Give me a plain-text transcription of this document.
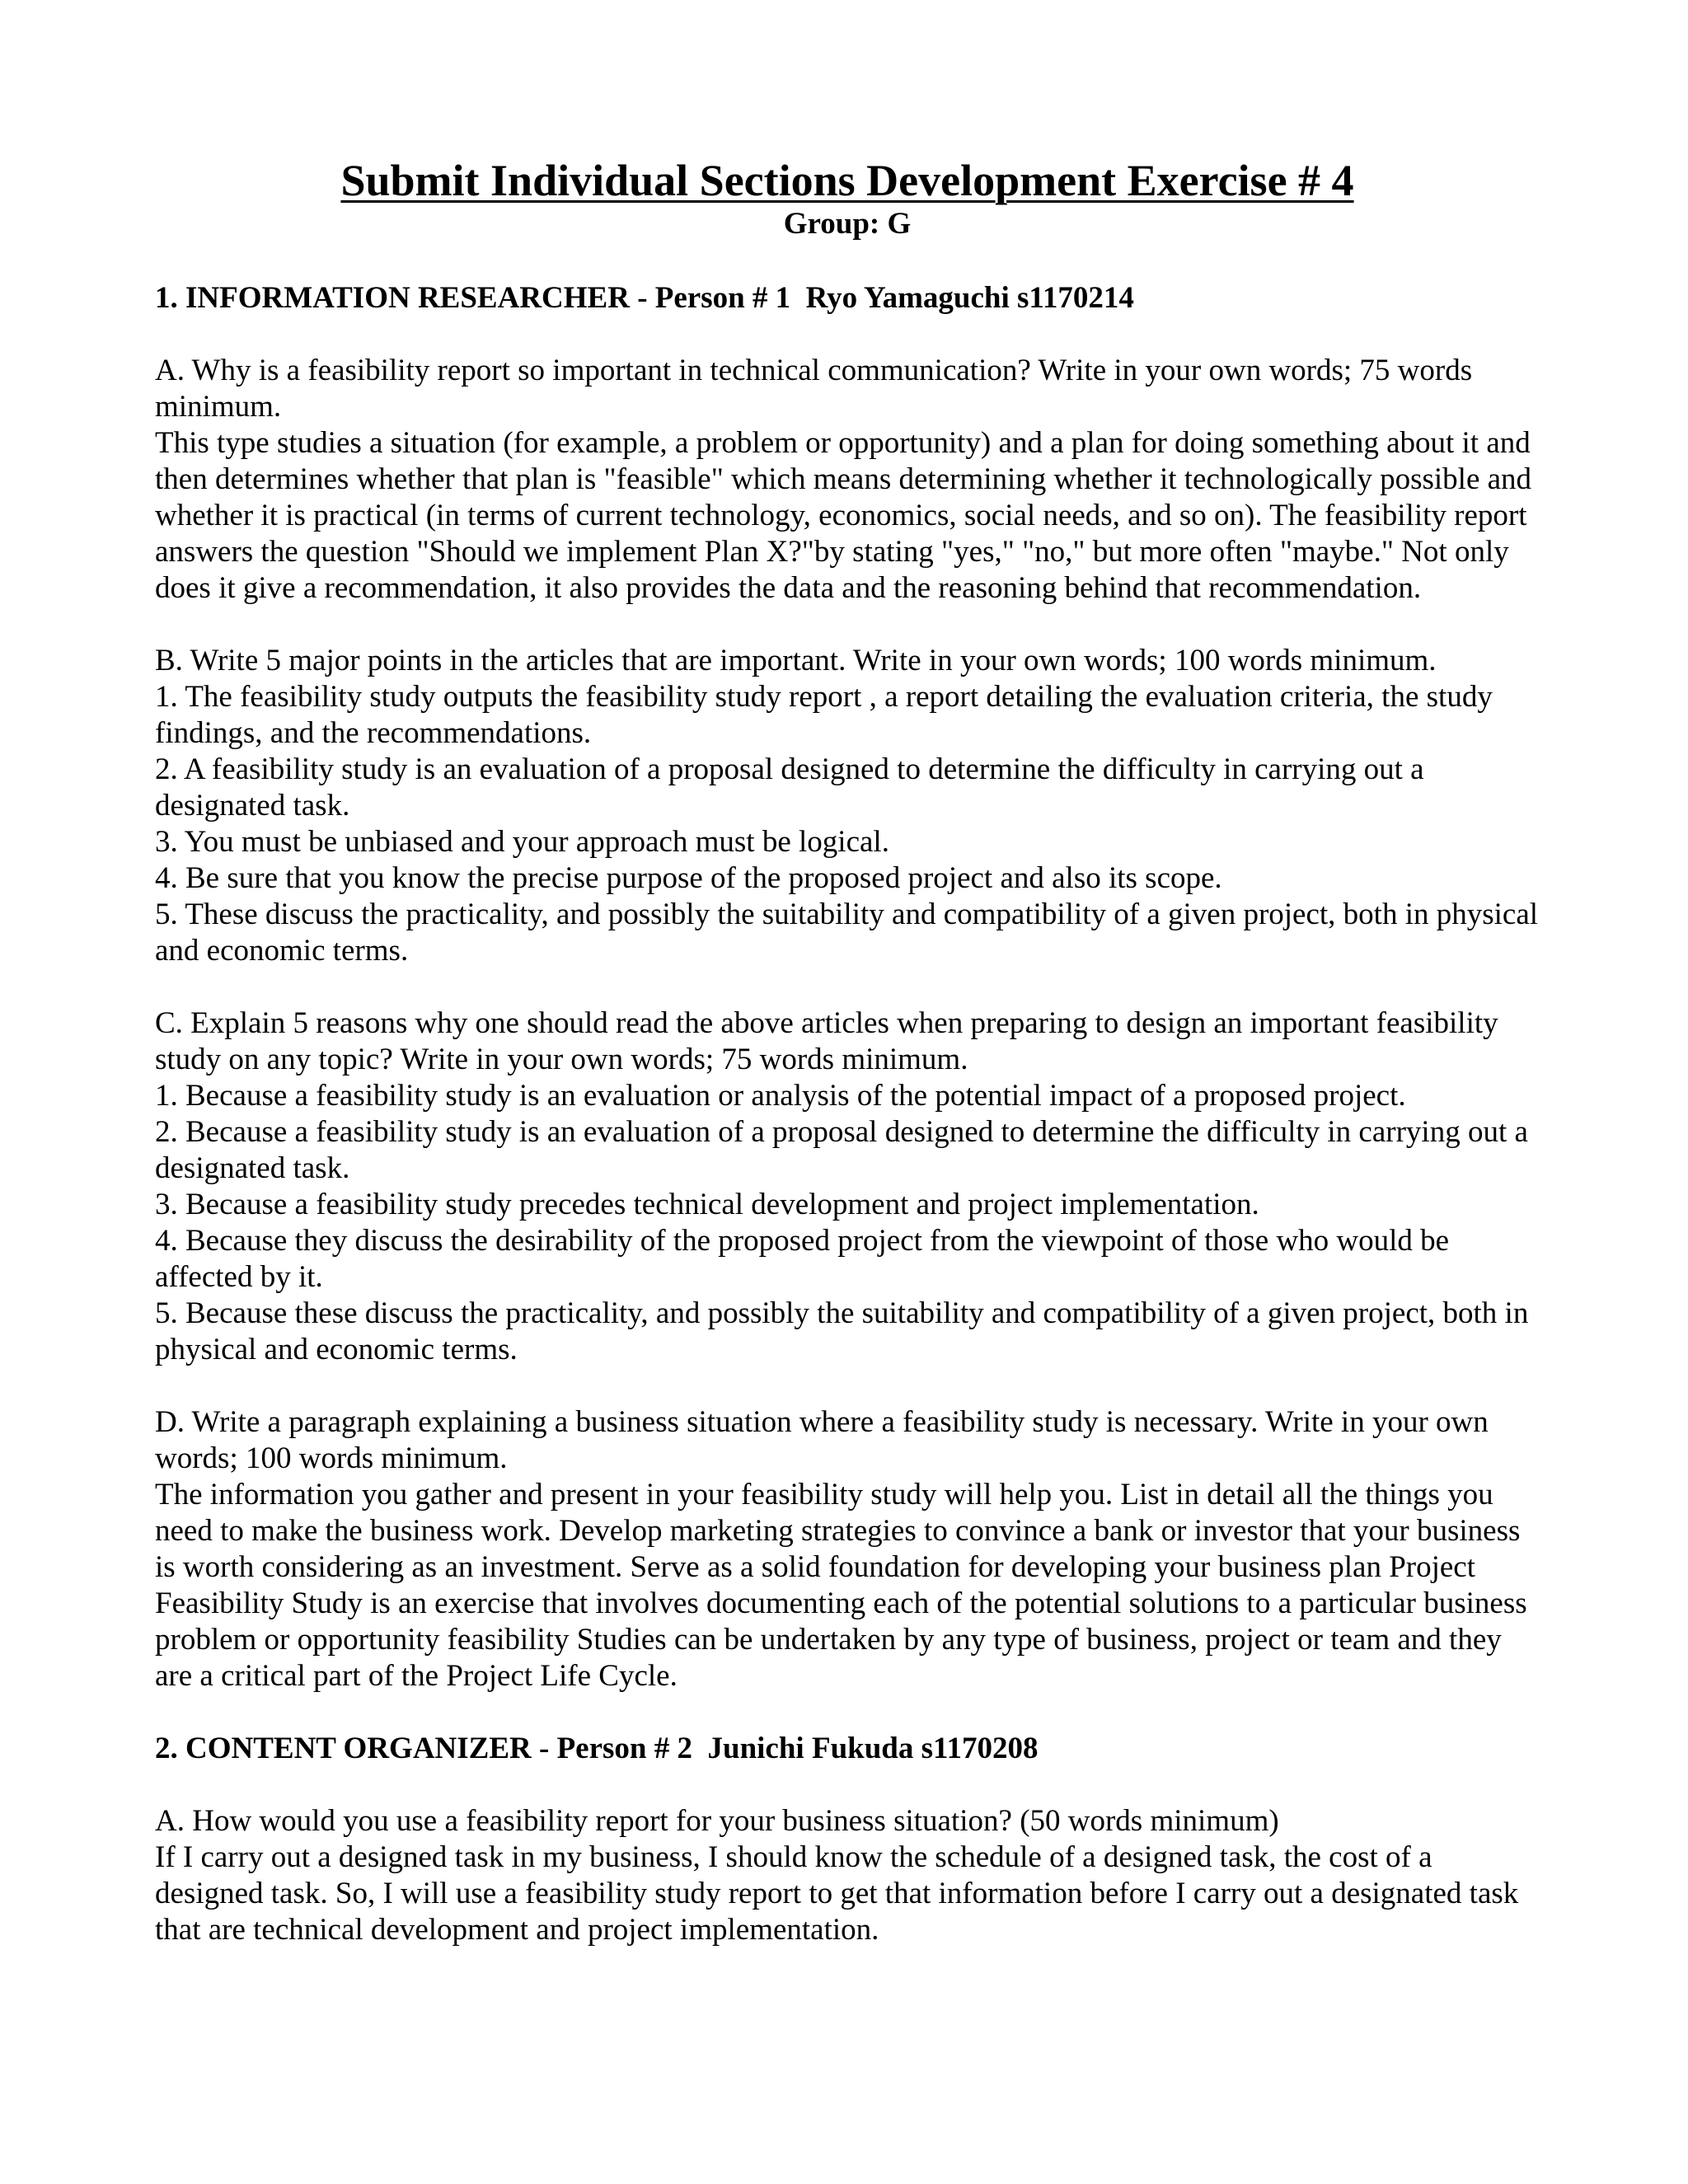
Submit Individual Sections Development Exercise # 4
Group: G
1. INFORMATION RESEARCHER - Person # 1  Ryo Yamaguchi s1170214

A. Why is a feasibility report so important in technical communication? Write in your own words; 75 words minimum.

This type studies a situation (for example, a problem or opportunity) and a plan for doing something about it and then determines whether that plan is "feasible" which means determining whether it technologically possible and whether it is practical (in terms of current technology, economics, social needs, and so on). The feasibility report answers the question "Should we implement Plan X?"by stating "yes," "no," but more often "maybe." Not only does it give a recommendation, it also provides the data and the reasoning behind that recommendation.

B. Write 5 major points in the articles that are important. Write in your own words; 100 words minimum.

1. The feasibility study outputs the feasibility study report , a report detailing the evaluation criteria, the study findings, and the recommendations.

2. A feasibility study is an evaluation of a proposal designed to determine the difficulty in carrying out a designated task.

3. You must be unbiased and your approach must be logical.

4. Be sure that you know the precise purpose of the proposed project and also its scope.

5. These discuss the practicality, and possibly the suitability and compatibility of a given project, both in physical and economic terms.

C. Explain 5 reasons why one should read the above articles when preparing to design an important feasibility study on any topic? Write in your own words; 75 words minimum.

1. Because a feasibility study is an evaluation or analysis of the potential impact of a proposed project.

2. Because a feasibility study is an evaluation of a proposal designed to determine the difficulty in carrying out a designated task.

3. Because a feasibility study precedes technical development and project implementation.

4. Because they discuss the desirability of the proposed project from the viewpoint of those who would be affected by it.

5. Because these discuss the practicality, and possibly the suitability and compatibility of a given project, both in physical and economic terms.

D. Write a paragraph explaining a business situation where a feasibility study is necessary. Write in your own words; 100 words minimum.

The information you gather and present in your feasibility study will help you. List in detail all the things you need to make the business work. Develop marketing strategies to convince a bank or investor that your business is worth considering as an investment. Serve as a solid foundation for developing your business plan Project Feasibility Study is an exercise that involves documenting each of the potential solutions to a particular business problem or opportunity feasibility Studies can be undertaken by any type of business, project or team and they are a critical part of the Project Life Cycle.

2. CONTENT ORGANIZER - Person # 2  Junichi Fukuda s1170208

A. How would you use a feasibility report for your business situation? (50 words minimum)

If I carry out a designed task in my business, I should know the schedule of a designed task, the cost of a designed task. So, I will use a feasibility study report to get that information before I carry out a designated task that are technical development and project implementation.
